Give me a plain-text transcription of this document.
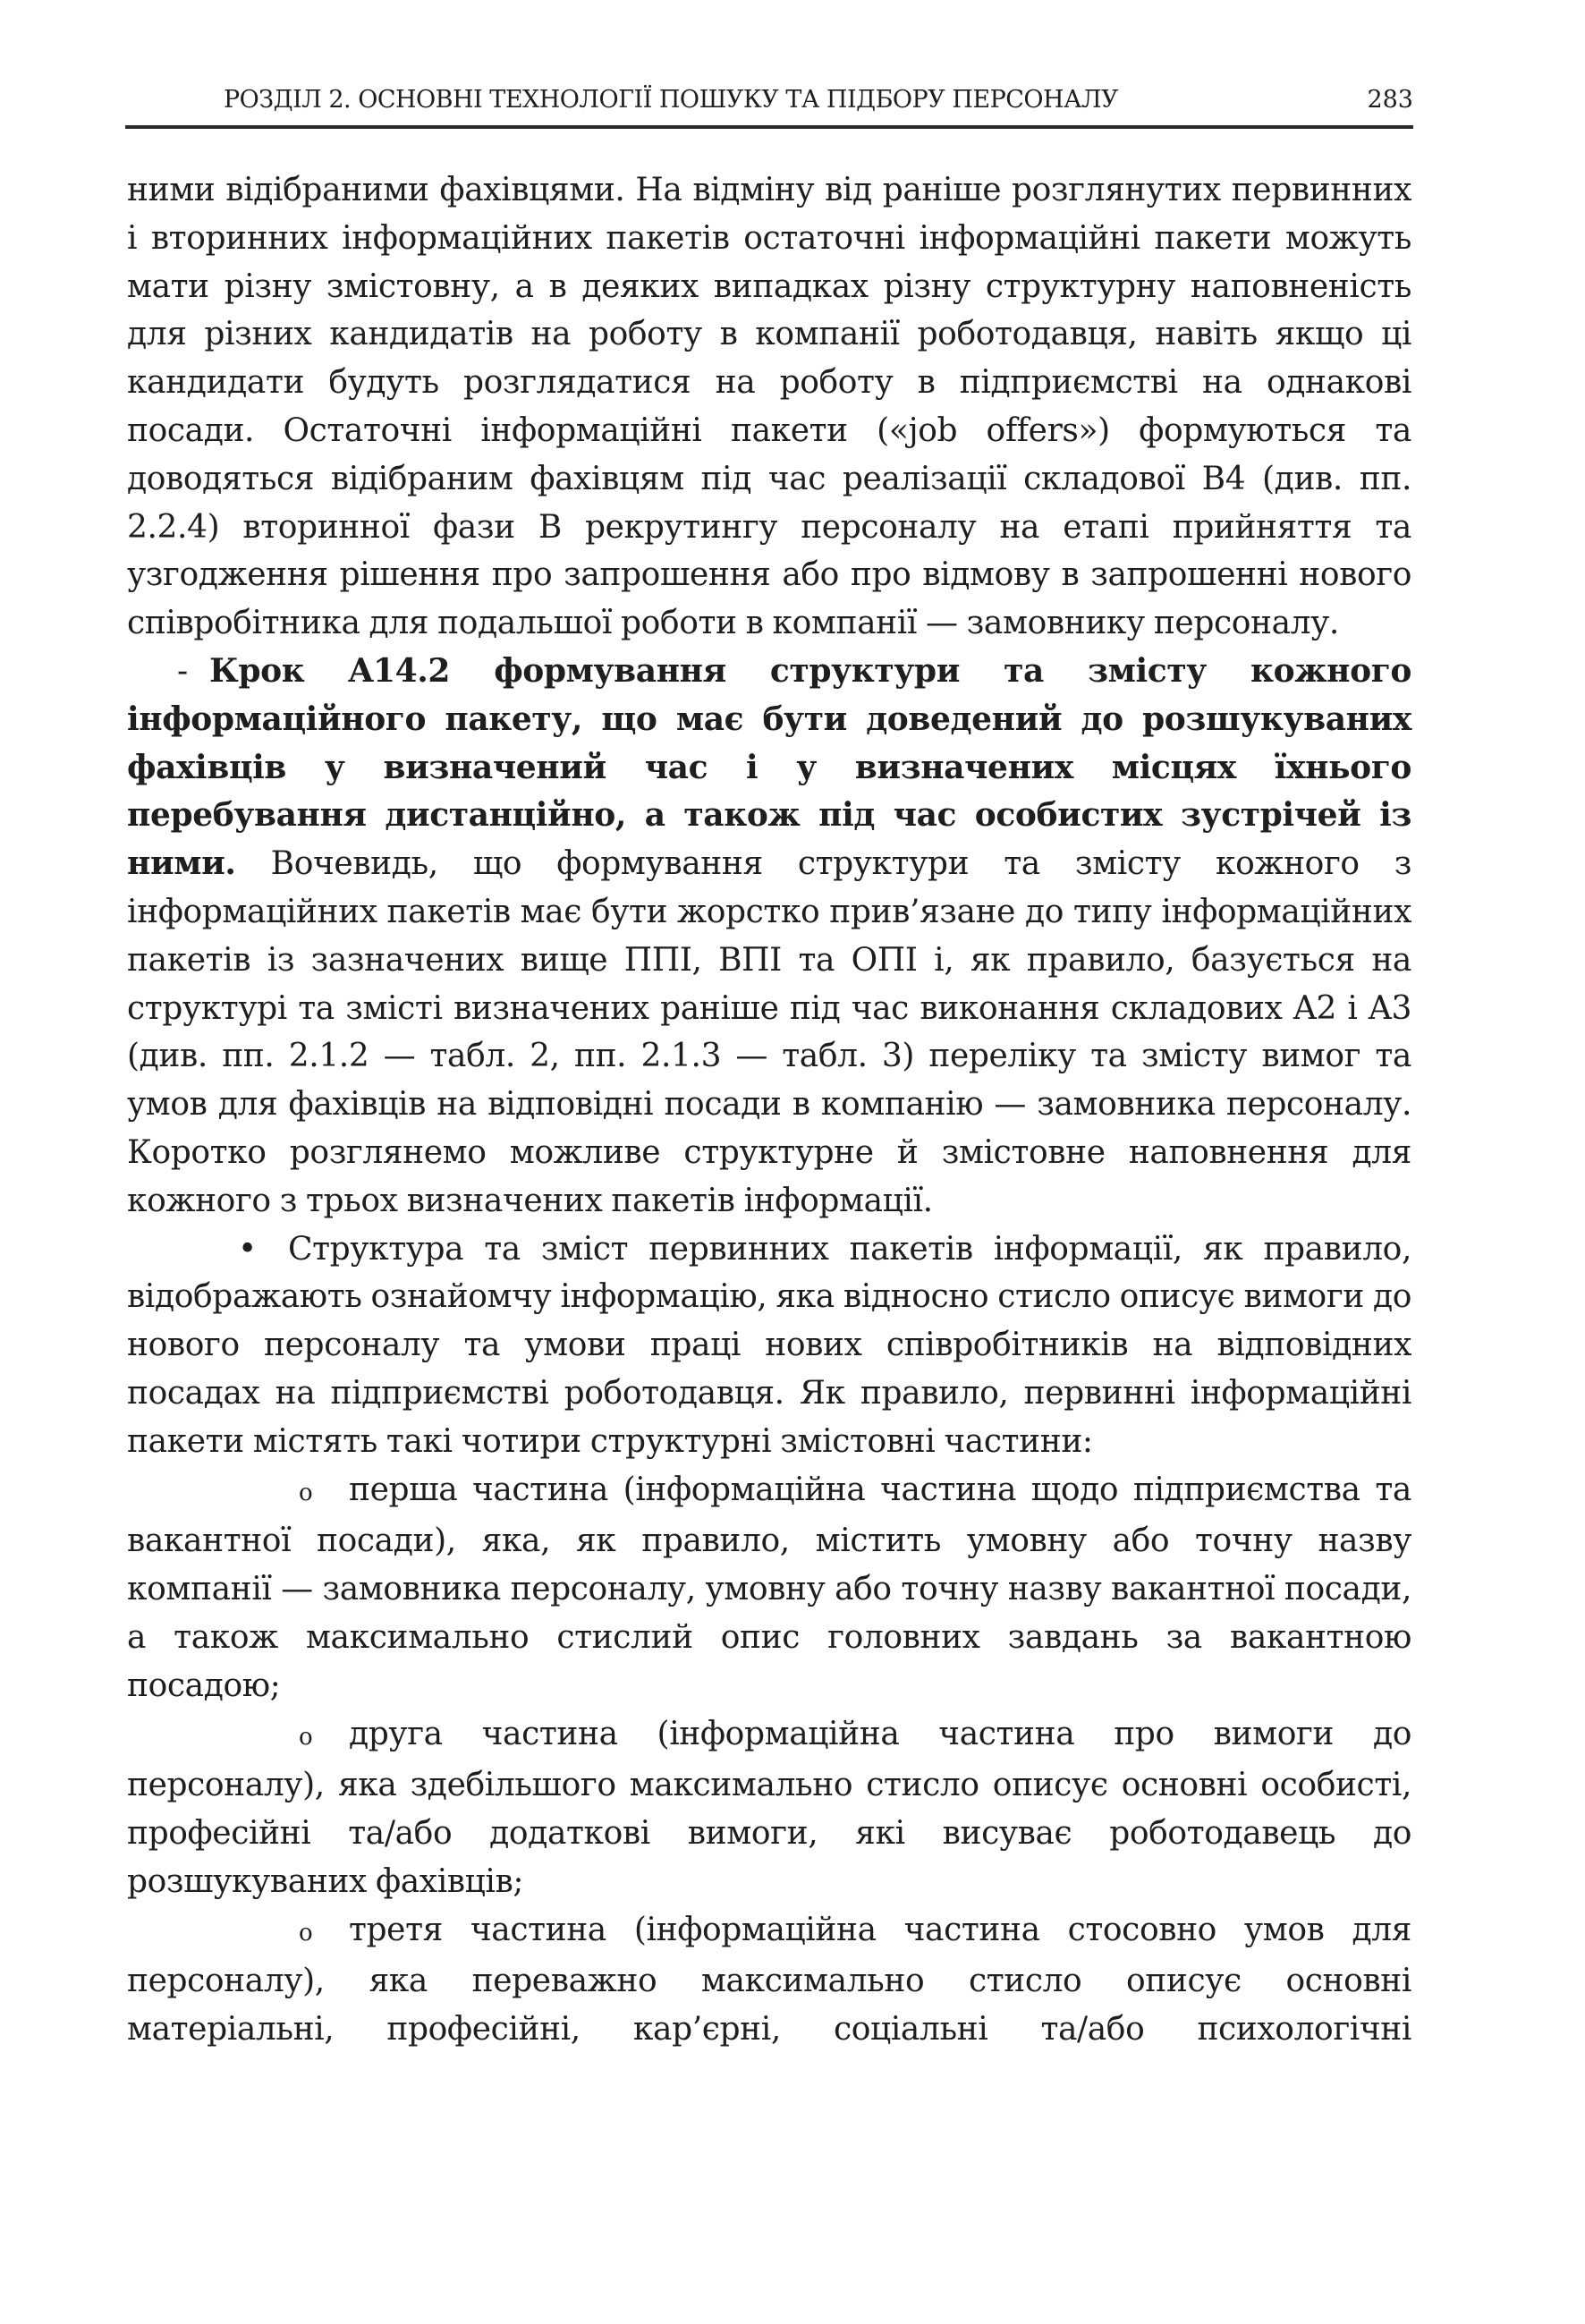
РОЗДІЛ 2. ОСНОВНІ ТЕХНОЛОГІЇ ПОШУКУ ТА ПІДБОРУ ПЕРСОНАЛУ	283

ними відібраними фахівцями. На відміну від раніше розглянутих первинних і вторинних інформаційних пакетів остаточні інформаційні пакети можуть мати різну змістовну, а в деяких випадках різну структурну наповненість для різних кандидатів на роботу в компанії роботодавця, навіть якщо ці кандидати будуть розглядатися на роботу в підприємстві на однакові посади. Остаточні інформаційні пакети («job offers») формуються та доводяться відібраним фахівцям під час реалізації складової B4 (див. пп. 2.2.4) вторинної фази B рекрутингу персоналу на етапі прийняття та узгодження рішення про запрошення або про відмову в запрошенні нового співробітника для подальшої роботи в компанії — замовнику персоналу.

- Крок A14.2 формування структури та змісту кожного інформаційного пакету, що має бути доведений до розшукуваних фахівців у визначений час і у визначених місцях їхнього перебування дистанційно, а також під час особистих зустрічей із ними. Вочевидь, що формування структури та змісту кожного з інформаційних пакетів має бути жорстко прив’язане до типу інформаційних пакетів із зазначених вище ППІ, ВПІ та ОПІ і, як правило, базується на структурі та змісті визначених раніше під час виконання складових A2 і A3 (див. пп. 2.1.2 — табл. 2, пп. 2.1.3 — табл. 3) переліку та змісту вимог та умов для фахівців на відповідні посади в компанію — замовника персоналу. Коротко розглянемо можливе структурне й змістовне наповнення для кожного з трьох визначених пакетів інформації.

• Структура та зміст первинних пакетів інформації, як правило, відображають ознайомчу інформацію, яка відносно стисло описує вимоги до нового персоналу та умови праці нових співробітників на відповідних посадах на підприємстві роботодавця. Як правило, первинні інформаційні пакети містять такі чотири структурні змістовні частини:

o перша частина (інформаційна частина щодо підприємства та вакантної посади), яка, як правило, містить умовну або точну назву компанії — замовника персоналу, умовну або точну назву вакантної посади, а також максимально стислий опис головних завдань за вакантною посадою;

o друга частина (інформаційна частина про вимоги до персоналу), яка здебільшого максимально стисло описує основні особисті, професійні та/або додаткові вимоги, які висуває роботодавець до розшукуваних фахівців;

o третя частина (інформаційна частина стосовно умов для персоналу), яка переважно максимально стисло описує основні матеріальні, професійні, кар’єрні, соціальні та/або психологічні
